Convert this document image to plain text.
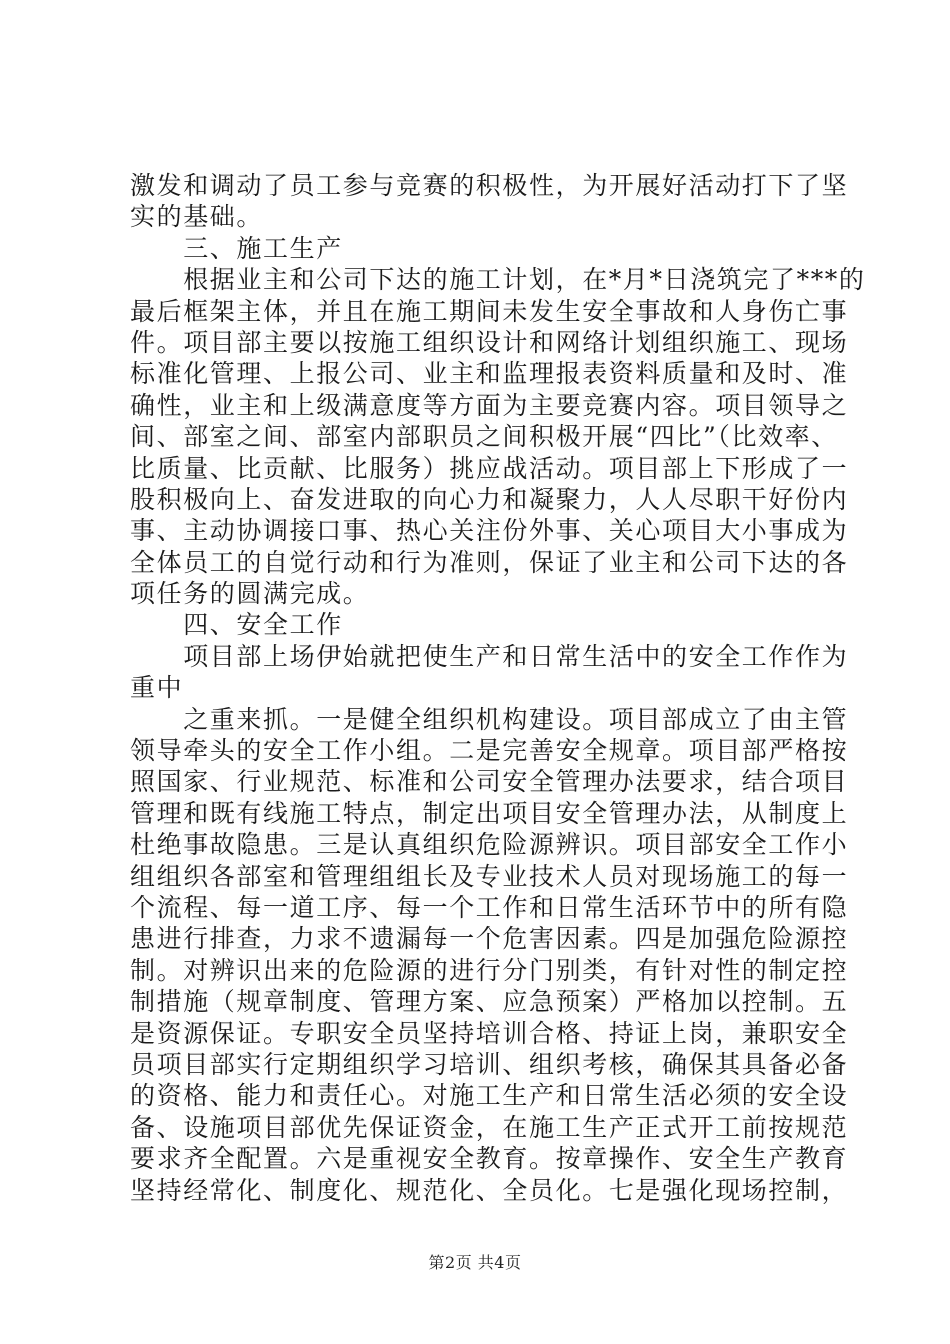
激发和调动了员工参与竞赛的积极性，为开展好活动打下了坚
实的基础。
　　三、施工生产
　　根据业主和公司下达的施工计划，在*月*日浇筑完了***的
最后框架主体，并且在施工期间未发生安全事故和人身伤亡事
件。项目部主要以按施工组织设计和网络计划组织施工、现场
标准化管理、上报公司、业主和监理报表资料质量和及时、准
确性，业主和上级满意度等方面为主要竞赛内容。项目领导之
间、部室之间、部室内部职员之间积极开展“四比”（比效率、
比质量、比贡献、比服务）挑应战活动。项目部上下形成了一
股积极向上、奋发进取的向心力和凝聚力，人人尽职干好份内
事、主动协调接口事、热心关注份外事、关心项目大小事成为
全体员工的自觉行动和行为准则，保证了业主和公司下达的各
项任务的圆满完成。
　　四、安全工作
　　项目部上场伊始就把使生产和日常生活中的安全工作作为
重中
　　之重来抓。一是健全组织机构建设。项目部成立了由主管
领导牵头的安全工作小组。二是完善安全规章。项目部严格按
照国家、行业规范、标准和公司安全管理办法要求，结合项目
管理和既有线施工特点，制定出项目安全管理办法，从制度上
杜绝事故隐患。三是认真组织危险源辨识。项目部安全工作小
组组织各部室和管理组组长及专业技术人员对现场施工的每一
个流程、每一道工序、每一个工作和日常生活环节中的所有隐
患进行排查，力求不遗漏每一个危害因素。四是加强危险源控
制。对辨识出来的危险源的进行分门别类，有针对性的制定控
制措施（规章制度、管理方案、应急预案）严格加以控制。五
是资源保证。专职安全员坚持培训合格、持证上岗，兼职安全
员项目部实行定期组织学习培训、组织考核，确保其具备必备
的资格、能力和责任心。对施工生产和日常生活必须的安全设
备、设施项目部优先保证资金，在施工生产正式开工前按规范
要求齐全配置。六是重视安全教育。按章操作、安全生产教育
坚持经常化、制度化、规范化、全员化。七是强化现场控制，
第2页 共4页
